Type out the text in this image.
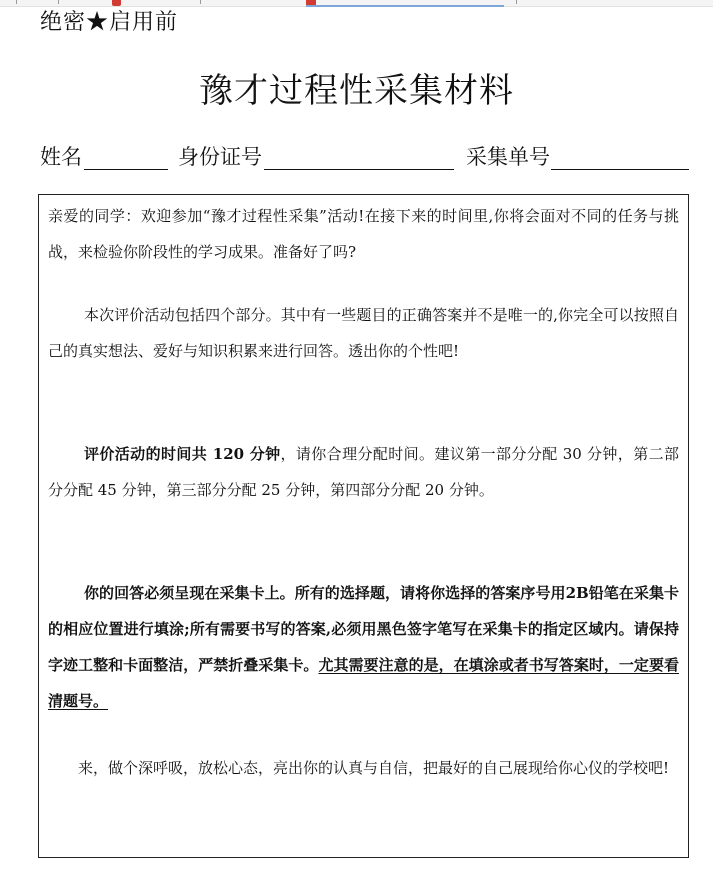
绝密★启用前
豫才过程性采集材料
姓名	身份证号	采集单号

亲爱的同学：欢迎参加“豫才过程性采集”活动!在接下来的时间里,你将会面对不同的任务与挑战，来检验你阶段性的学习成果。准备好了吗?

本次评价活动包括四个部分。其中有一些题目的正确答案并不是唯一的,你完全可以按照自己的真实想法、爱好与知识积累来进行回答。透出你的个性吧!

评价活动的时间共 120 分钟，请你合理分配时间。建议第一部分分配 30 分钟，第二部分分配 45 分钟，第三部分分配 25 分钟，第四部分分配 20 分钟。

你的回答必须呈现在采集卡上。所有的选择题，请将你选择的答案序号用2B铅笔在采集卡的相应位置进行填涂;所有需要书写的答案,必须用黑色签字笔写在采集卡的指定区域内。请保持字迹工整和卡面整洁，严禁折叠采集卡。尤其需要注意的是，在填涂或者书写答案时，一定要看清题号。

来，做个深呼吸，放松心态，亮出你的认真与自信，把最好的自己展现给你心仪的学校吧!
